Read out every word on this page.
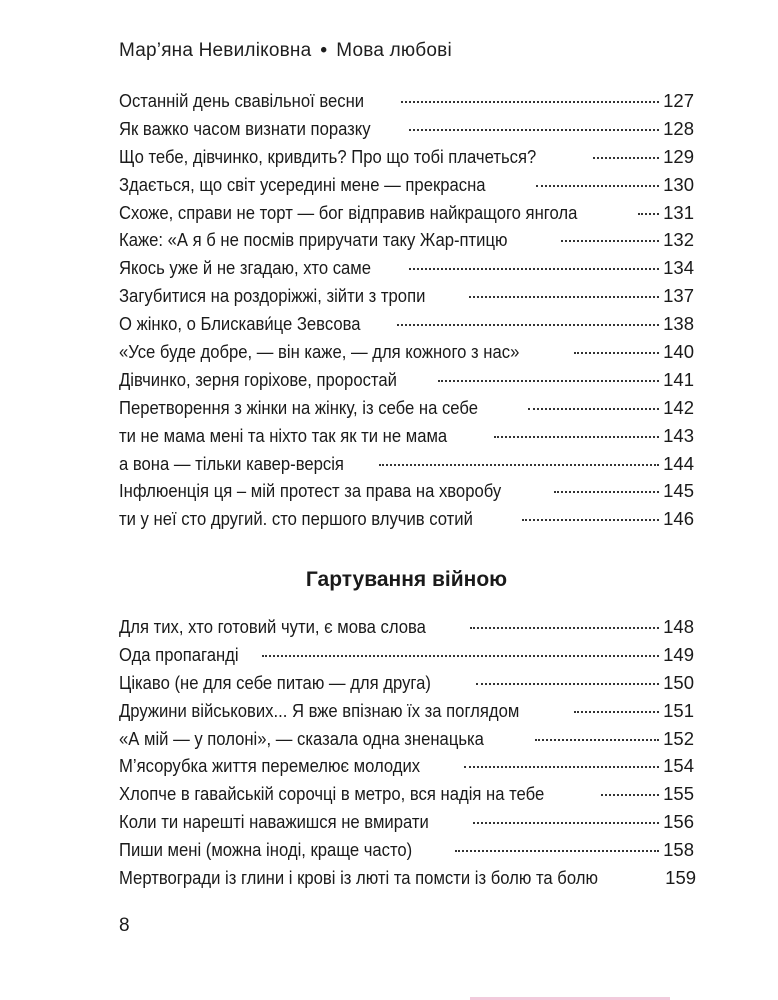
Мар’яна Невиліковна • Мова любові
Останній день свавільної весни	127
Як важко часом визнати поразку	128
Що тебе, дівчинко, кривдить? Про що тобі плачеться?	129
Здається, що світ усередині мене — прекрасна	130
Схоже, справи не торт — бог відправив найкращого янгола	131
Каже: «А я б не посмів приручати таку Жар-птицю	132
Якось уже й не згадаю, хто саме	134
Загубитися на роздоріжжі, зійти з тропи	137
О жінко, о Блискави́це Зевсова	138
«Усе буде добре, — він каже, — для кожного з нас»	140
Дівчинко, зерня горіхове, проростай	141
Перетворення з жінки на жінку, із себе на себе	142
ти не мама мені та ніхто так як ти не мама	143
а вона — тільки кавер-версія	144
Інфлюенція ця – мій протест за права на хворобу	145
ти у неї сто другий. сто першого влучив сотий	146
Гартування війною
Для тих, хто готовий чути, є мова слова	148
Ода пропаганді	149
Цікаво (не для себе питаю — для друга)	150
Дружини військових... Я вже впізнаю їх за поглядом	151
«А мій — у полоні», — сказала одна зненацька	152
М’ясорубка життя перемелює молодих	154
Хлопче в гавайській сорочці в метро, вся надія на тебе	155
Коли ти нарешті наважишся не вмирати	156
Пиши мені (можна іноді, краще часто)	158
Мертвогради із глини і крові із люті та помсти із болю та болю	159
8
